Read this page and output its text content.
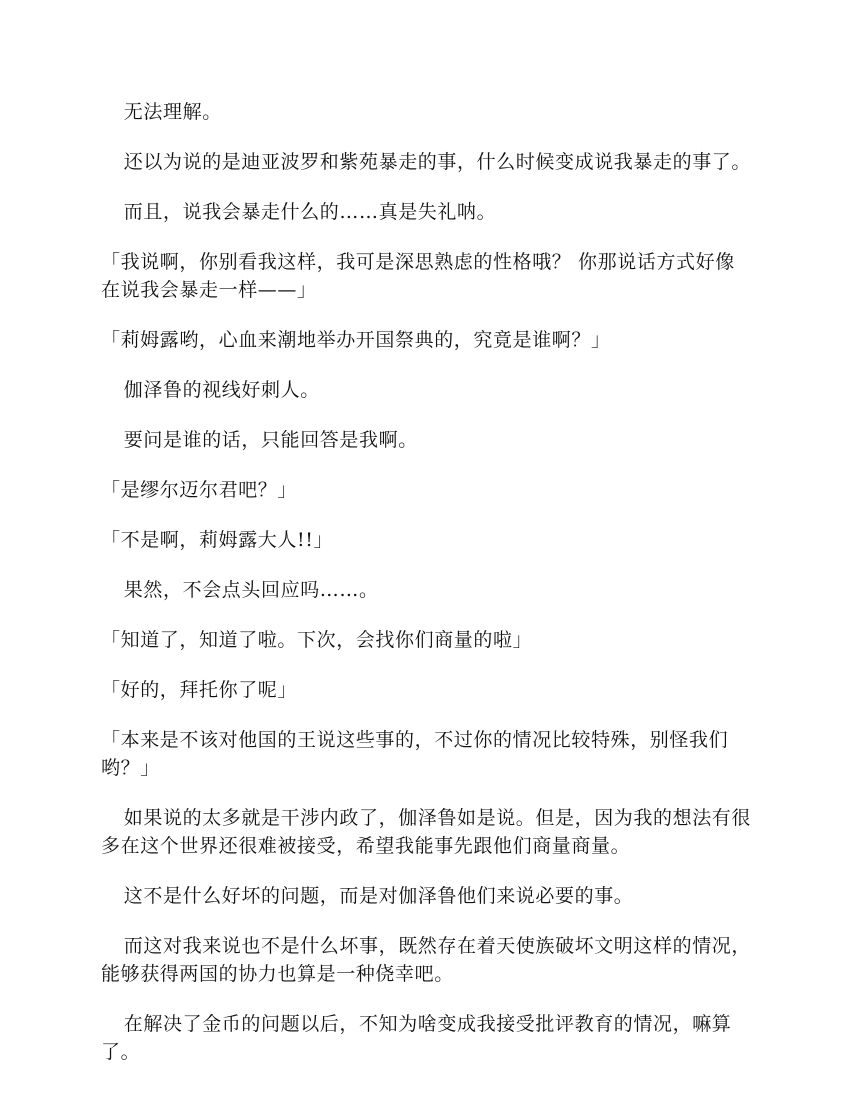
无法理解。

还以为说的是迪亚波罗和紫苑暴走的事，什么时候变成说我暴走的事了。

而且，说我会暴走什么的……真是失礼呐。

「我说啊，你别看我这样，我可是深思熟虑的性格哦？ 你那说话方式好像在说我会暴走一样——」

「莉姆露哟，心血来潮地举办开国祭典的，究竟是谁啊？」

伽泽鲁的视线好刺人。

要问是谁的话，只能回答是我啊。

「是缪尔迈尔君吧？」

「不是啊，莉姆露大人!!」

果然，不会点头回应吗……。

「知道了，知道了啦。下次，会找你们商量的啦」

「好的，拜托你了呢」

「本来是不该对他国的王说这些事的，不过你的情况比较特殊，别怪我们哟？」

如果说的太多就是干涉内政了，伽泽鲁如是说。但是，因为我的想法有很多在这个世界还很难被接受，希望我能事先跟他们商量商量。

这不是什么好坏的问题，而是对伽泽鲁他们来说必要的事。

而这对我来说也不是什么坏事，既然存在着天使族破坏文明这样的情况，能够获得两国的协力也算是一种侥幸吧。

在解决了金币的问题以后，不知为啥变成我接受批评教育的情况，嘛算了。
